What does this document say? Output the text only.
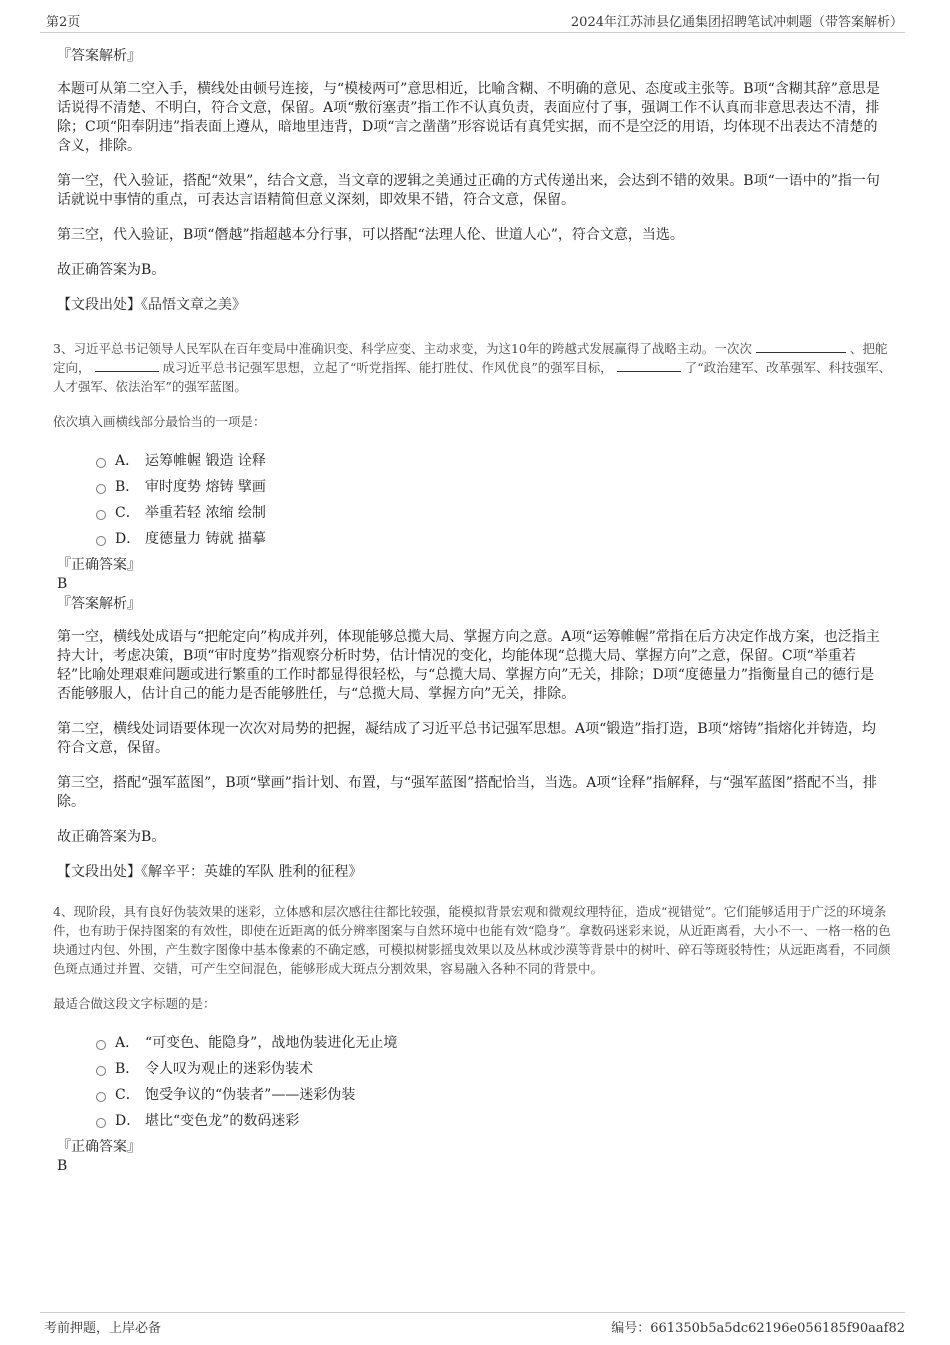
第2页	2024年江苏沛县亿通集团招聘笔试冲刺题（带答案解析）

『答案解析』

本题可从第二空入手，横线处由顿号连接，与“模棱两可”意思相近，比喻含糊、不明确的意见、态度或主张等。B项“含糊其辞”意思是话说得不清楚、不明白，符合文意，保留。A项“敷衍塞责”指工作不认真负责，表面应付了事，强调工作不认真而非意思表达不清，排除；C项“阳奉阴违”指表面上遵从，暗地里违背，D项“言之凿凿”形容说话有真凭实据，而不是空泛的用语，均体现不出表达不清楚的含义，排除。

第一空，代入验证，搭配“效果”，结合文意，当文章的逻辑之美通过正确的方式传递出来，会达到不错的效果。B项“一语中的”指一句话就说中事情的重点，可表达言语精简但意义深刻，即效果不错，符合文意，保留。

第三空，代入验证，B项“僭越”指超越本分行事，可以搭配“法理人伦、世道人心”，符合文意，当选。

故正确答案为B。

【文段出处】《品悟文章之美》

3、习近平总书记领导人民军队在百年变局中准确识变、科学应变、主动求变，为这10年的跨越式发展赢得了战略主动。一次次	、把舵定向，	成习近平总书记强军思想，立起了“听党指挥、能打胜仗、作风优良”的强军目标，	了“政治建军、改革强军、科技强军、人才强军、依法治军”的强军蓝图。

依次填入画横线部分最恰当的一项是：

A． 运筹帷幄 锻造 诠释
B． 审时度势 熔铸 擘画
C． 举重若轻 浓缩 绘制
D． 度德量力 铸就 描摹

『正确答案』

B

『答案解析』

第一空，横线处成语与“把舵定向”构成并列，体现能够总揽大局、掌握方向之意。A项“运筹帷幄”常指在后方决定作战方案，也泛指主持大计，考虑决策，B项“审时度势”指观察分析时势，估计情况的变化，均能体现“总揽大局、掌握方向”之意，保留。C项“举重若轻”比喻处理艰难问题或进行繁重的工作时都显得很轻松，与“总揽大局、掌握方向”无关，排除；D项“度德量力”指衡量自己的德行是否能够服人，估计自己的能力是否能够胜任，与“总揽大局、掌握方向”无关，排除。

第二空，横线处词语要体现一次次对局势的把握，凝结成了习近平总书记强军思想。A项“锻造”指打造，B项“熔铸”指熔化并铸造，均符合文意，保留。

第三空，搭配“强军蓝图”，B项“擘画”指计划、布置，与“强军蓝图”搭配恰当，当选。A项“诠释”指解释，与“强军蓝图”搭配不当，排除。

故正确答案为B。

【文段出处】《解辛平：英雄的军队 胜利的征程》

4、现阶段，具有良好伪装效果的迷彩，立体感和层次感往往都比较强，能模拟背景宏观和微观纹理特征，造成“视错觉”。它们能够适用于广泛的环境条件，也有助于保持图案的有效性，即使在近距离的低分辨率图案与自然环境中也能有效“隐身”。拿数码迷彩来说，从近距离看，大小不一、一格一格的色块通过内包、外围，产生数字图像中基本像素的不确定感，可模拟树影摇曳效果以及丛林或沙漠等背景中的树叶、碎石等斑驳特性；从远距离看，不同颜色斑点通过并置、交错，可产生空间混色，能够形成大斑点分割效果，容易融入各种不同的背景中。

最适合做这段文字标题的是：

A． “可变色、能隐身”，战地伪装进化无止境
B． 令人叹为观止的迷彩伪装术
C． 饱受争议的“伪装者”——迷彩伪装
D． 堪比“变色龙”的数码迷彩

『正确答案』

B

考前押题，上岸必备	编号：661350b5a5dc62196e056185f90aaf82
